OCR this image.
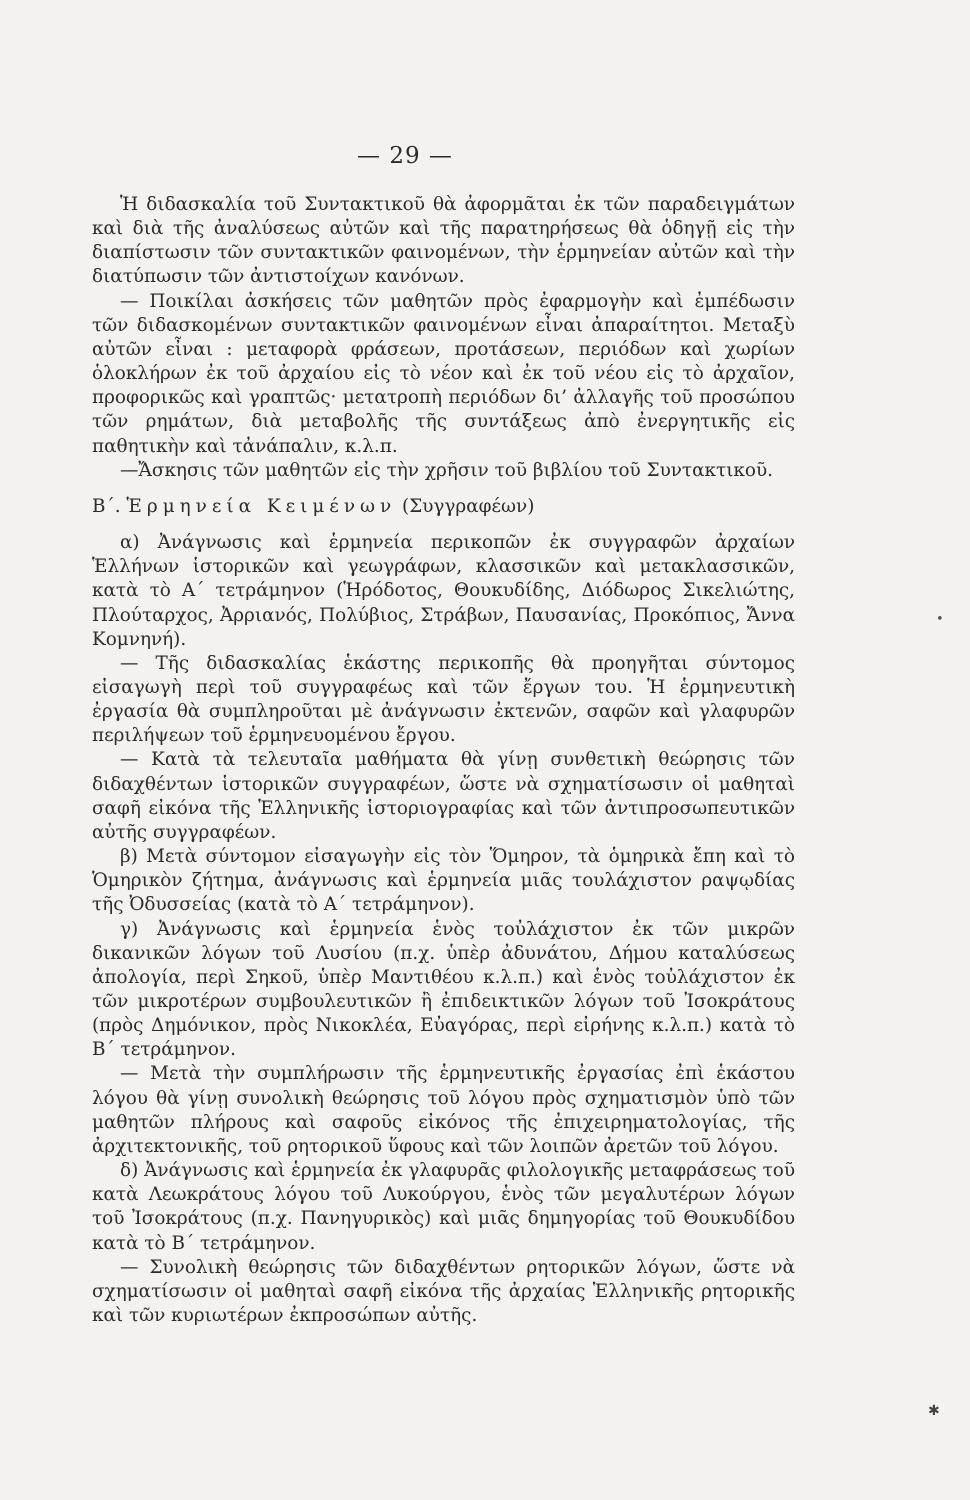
— 29 —

Ἡ διδασκαλία τοῦ Συντακτικοῦ θὰ ἀφορμᾶται ἐκ τῶν παραδειγμάτων καὶ διὰ τῆς ἀναλύσεως αὐτῶν καὶ τῆς παρατηρήσεως θὰ ὁδηγῇ εἰς τὴν διαπίστωσιν τῶν συντακτικῶν φαινομένων, τὴν ἑρμηνείαν αὐτῶν καὶ τὴν διατύπωσιν τῶν ἀντιστοίχων κανόνων.

— Ποικίλαι ἀσκήσεις τῶν μαθητῶν πρὸς ἐφαρμογὴν καὶ ἐμπέδωσιν τῶν διδασκομένων συντακτικῶν φαινομένων εἶναι ἀπαραίτητοι. Μεταξὺ αὐτῶν εἶναι : μεταφορὰ φράσεων, προτάσεων, περιόδων καὶ χωρίων ὁλοκλήρων ἐκ τοῦ ἀρχαίου εἰς τὸ νέον καὶ ἐκ τοῦ νέου εἰς τὸ ἀρχαῖον, προφορικῶς καὶ γραπτῶς· μετατροπὴ περιόδων δι’ ἀλλαγῆς τοῦ προσώπου τῶν ρημάτων, διὰ μεταβολῆς τῆς συντάξεως ἀπὸ ἐνεργητικῆς εἰς παθητικὴν καὶ τἀνάπαλιν, κ.λ.π.

—Ἄσκησις τῶν μαθητῶν εἰς τὴν χρῆσιν τοῦ βιβλίου τοῦ Συντακτικοῦ.

Β΄. Ἑρμηνεία Κειμένων (Συγγραφέων)

α) Ἀνάγνωσις καὶ ἑρμηνεία περικοπῶν ἐκ συγγραφῶν ἀρχαίων Ἑλλήνων ἱστορικῶν καὶ γεωγράφων, κλασσικῶν καὶ μετακλασσικῶν, κατὰ τὸ Α΄ τετράμηνον (Ἡρόδοτος, Θουκυδίδης, Διόδωρος Σικελιώτης, Πλούταρχος, Ἀρριανός, Πολύβιος, Στράβων, Παυσανίας, Προκόπιος, Ἄννα Κομνηνή).

— Τῆς διδασκαλίας ἑκάστης περικοπῆς θὰ προηγῆται σύντομος εἰσαγωγὴ περὶ τοῦ συγγραφέως καὶ τῶν ἔργων του. Ἡ ἑρμηνευτικὴ ἐργασία θὰ συμπληροῦται μὲ ἀνάγνωσιν ἐκτενῶν, σαφῶν καὶ γλαφυρῶν περιλήψεων τοῦ ἑρμηνευομένου ἔργου.

— Κατὰ τὰ τελευταῖα μαθήματα θὰ γίνῃ συνθετικὴ θεώρησις τῶν διδαχθέντων ἱστορικῶν συγγραφέων, ὥστε νὰ σχηματίσωσιν οἱ μαθηταὶ σαφῆ εἰκόνα τῆς Ἑλληνικῆς ἱστοριογραφίας καὶ τῶν ἀντιπροσωπευτικῶν αὐτῆς συγγραφέων.

β) Μετὰ σύντομον εἰσαγωγὴν εἰς τὸν Ὅμηρον, τὰ ὁμηρικὰ ἔπη καὶ τὸ Ὁμηρικὸν ζήτημα, ἀνάγνωσις καὶ ἑρμηνεία μιᾶς τουλάχιστον ραψῳδίας τῆς Ὀδυσσείας (κατὰ τὸ Α΄ τετράμηνον).

γ) Ἀνάγνωσις καὶ ἑρμηνεία ἑνὸς τοὐλάχιστον ἐκ τῶν μικρῶν δικανικῶν λόγων τοῦ Λυσίου (π.χ. ὑπὲρ ἀδυνάτου, Δήμου καταλύσεως ἀπολογία, περὶ Σηκοῦ, ὑπὲρ Μαντιθέου κ.λ.π.) καὶ ἑνὸς τοὐλάχιστον ἐκ τῶν μικροτέρων συμβουλευτικῶν ἢ ἐπιδεικτικῶν λόγων τοῦ Ἰσοκράτους (πρὸς Δημόνικον, πρὸς Νικοκλέα, Εὐαγόρας, περὶ εἰρήνης κ.λ.π.) κατὰ τὸ Β΄ τετράμηνον.

— Μετὰ τὴν συμπλήρωσιν τῆς ἑρμηνευτικῆς ἐργασίας ἐπὶ ἑκάστου λόγου θὰ γίνῃ συνολικὴ θεώρησις τοῦ λόγου πρὸς σχηματισμὸν ὑπὸ τῶν μαθητῶν πλήρους καὶ σαφοῦς εἰκόνος τῆς ἐπιχειρηματολογίας, τῆς ἀρχιτεκτονικῆς, τοῦ ρητορικοῦ ὕφους καὶ τῶν λοιπῶν ἀρετῶν τοῦ λόγου.

δ) Ἀνάγνωσις καὶ ἑρμηνεία ἐκ γλαφυρᾶς φιλολογικῆς μεταφράσεως τοῦ κατὰ Λεωκράτους λόγου τοῦ Λυκούργου, ἑνὸς τῶν μεγαλυτέρων λόγων τοῦ Ἰσοκράτους (π.χ. Πανηγυρικὸς) καὶ μιᾶς δημηγορίας τοῦ Θουκυδίδου κατὰ τὸ Β΄ τετράμηνον.

— Συνολικὴ θεώρησις τῶν διδαχθέντων ρητορικῶν λόγων, ὥστε νὰ σχηματίσωσιν οἱ μαθηταὶ σαφῆ εἰκόνα τῆς ἀρχαίας Ἑλληνικῆς ρητορικῆς καὶ τῶν κυριωτέρων ἐκπροσώπων αὐτῆς.

•
✱
